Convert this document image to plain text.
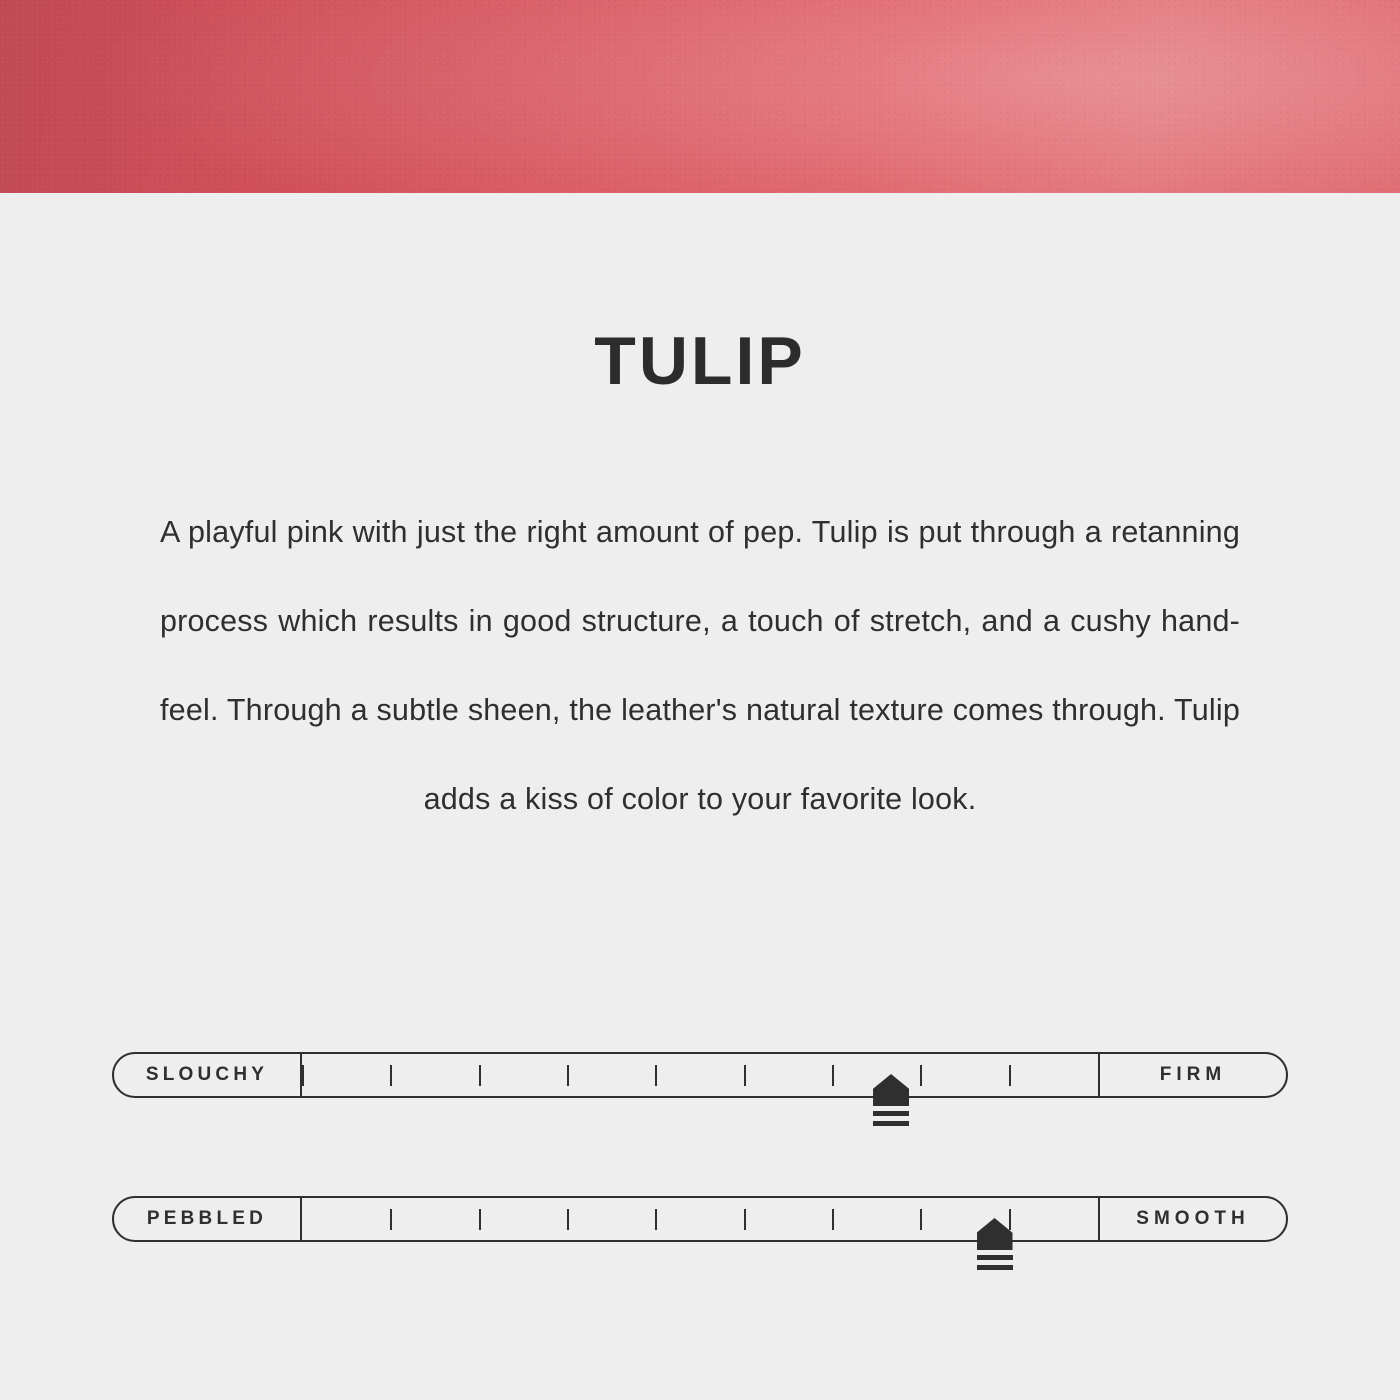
TULIP
A playful pink with just the right amount of pep. Tulip is put through a retanning process which results in good structure, a touch of stretch, and a cushy hand-feel. Through a subtle sheen, the leather's natural texture comes through. Tulip adds a kiss of color to your favorite look.
SLOUCHY	FIRM
PEBBLED	SMOOTH
